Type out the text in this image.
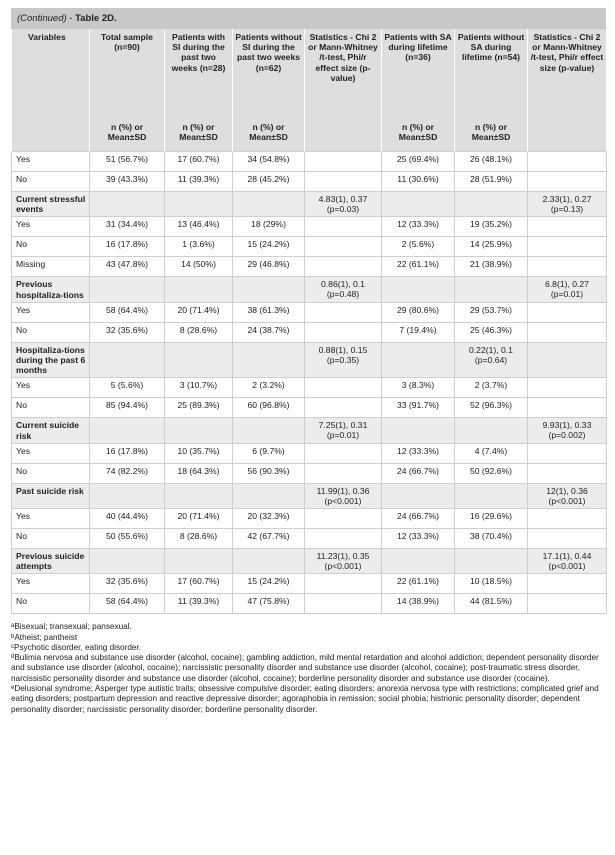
(Continued) - Table 2D.
Variables	Total sample (n=90)	Patients with SI during the past two weeks (n=28)	Patients without SI during the past two weeks (n=62)	Statistics - Chi 2 or Mann-Whitney /t-test, Phi/r effect size (p-value)	Patients with SA during lifetime (n=36)	Patients without SA during lifetime (n=54)	Statistics - Chi 2 or Mann-Whitney /t-test, Phi/r effect size (p-value)
	n (%) or Mean±SD	n (%) or Mean±SD	n (%) or Mean±SD		n (%) or Mean±SD	n (%) or Mean±SD	
Yes	51 (56.7%)	17 (60.7%)	34 (54.8%)		25 (69.4%)	26 (48.1%)	
No	39 (43.3%)	11 (39.3%)	28 (45.2%)		11 (30.6%)	28 (51.9%)	
Current stressful events				4.83(1), 0.37 (p=0.03)			2.33(1), 0.27 (p=0.13)
Yes	31 (34.4%)	13 (46.4%)	18 (29%)		12 (33.3%)	19 (35.2%)	
No	16 (17.8%)	1 (3.6%)	15 (24.2%)		2 (5.6%)	14 (25.9%)	
Missing	43 (47.8%)	14 (50%)	29 (46.8%)		22 (61.1%)	21 (38.9%)	
Previous hospitaliza-tions				0.86(1), 0.1 (p=0.48)			6.8(1), 0.27 (p=0.01)
Yes	58 (64.4%)	20 (71.4%)	38 (61.3%)		29 (80.6%)	29 (53.7%)	
No	32 (35.6%)	8 (28.6%)	24 (38.7%)		7 (19.4%)	25 (46.3%)	
Hospitaliza-tions during the past 6 months				0.88(1), 0.15 (p=0.35)		0.22(1), 0.1 (p=0.64)	
Yes	5 (5.6%)	3 (10.7%)	2 (3.2%)		3 (8.3%)	2 (3.7%)	
No	85 (94.4%)	25 (89.3%)	60 (96.8%)		33 (91.7%)	52 (96.3%)	
Current suicide risk				7.25(1), 0.31 (p=0.01)			9.93(1), 0.33 (p=0.002)
Yes	16 (17.8%)	10 (35.7%)	6 (9.7%)		12 (33.3%)	4 (7.4%)	
No	74 (82.2%)	18 (64.3%)	56 (90.3%)		24 (66.7%)	50 (92.6%)	
Past suicide risk				11.99(1), 0.36 (p<0.001)			12(1), 0.36 (p<0.001)
Yes	40 (44.4%)	20 (71.4%)	20 (32.3%)		24 (66.7%)	16 (29.6%)	
No	50 (55.6%)	8 (28.6%)	42 (67.7%)		12 (33.3%)	38 (70.4%)	
Previous suicide attempts				11.23(1), 0.35 (p<0.001)			17.1(1), 0.44 (p<0.001)
Yes	32 (35.6%)	17 (60.7%)	15 (24.2%)		22 (61.1%)	10 (18.5%)	
No	58 (64.4%)	11 (39.3%)	47 (75.8%)		14 (38.9%)	44 (81.5%)	

$^a$Bisexual; transexual; pansexual.

$^b$Atheist; pantheist

$^c$Psychotic disorder, eating disorder.

$^d$Bulimia nervosa and substance use disorder (alcohol, cocaine); gambling addiction, mild mental retardation and alcohol addiction; dependent personality disorder and substance use disorder (alcohol, cocaine); narcissistic personality disorder and substance use disorder (alcohol, cocaine); post-traumatic stress disorder, narcissistic personality disorder and substance use disorder (alcohol, cocaine); borderline personality disorder and substance use disorder (cocaine).

$^e$Delusional syndrome; Asperger type autistic traits; obsessive compulsive disorder; eating disorders; anorexia nervosa type with restrictions; complicated grief and eating disorders; postpartum depression and reactive depressive disorder; agoraphobia in remission; social phobia; histrionic personality disorder; dependent personality disorder; narcissistic personality disorder; borderline personality disorder.
